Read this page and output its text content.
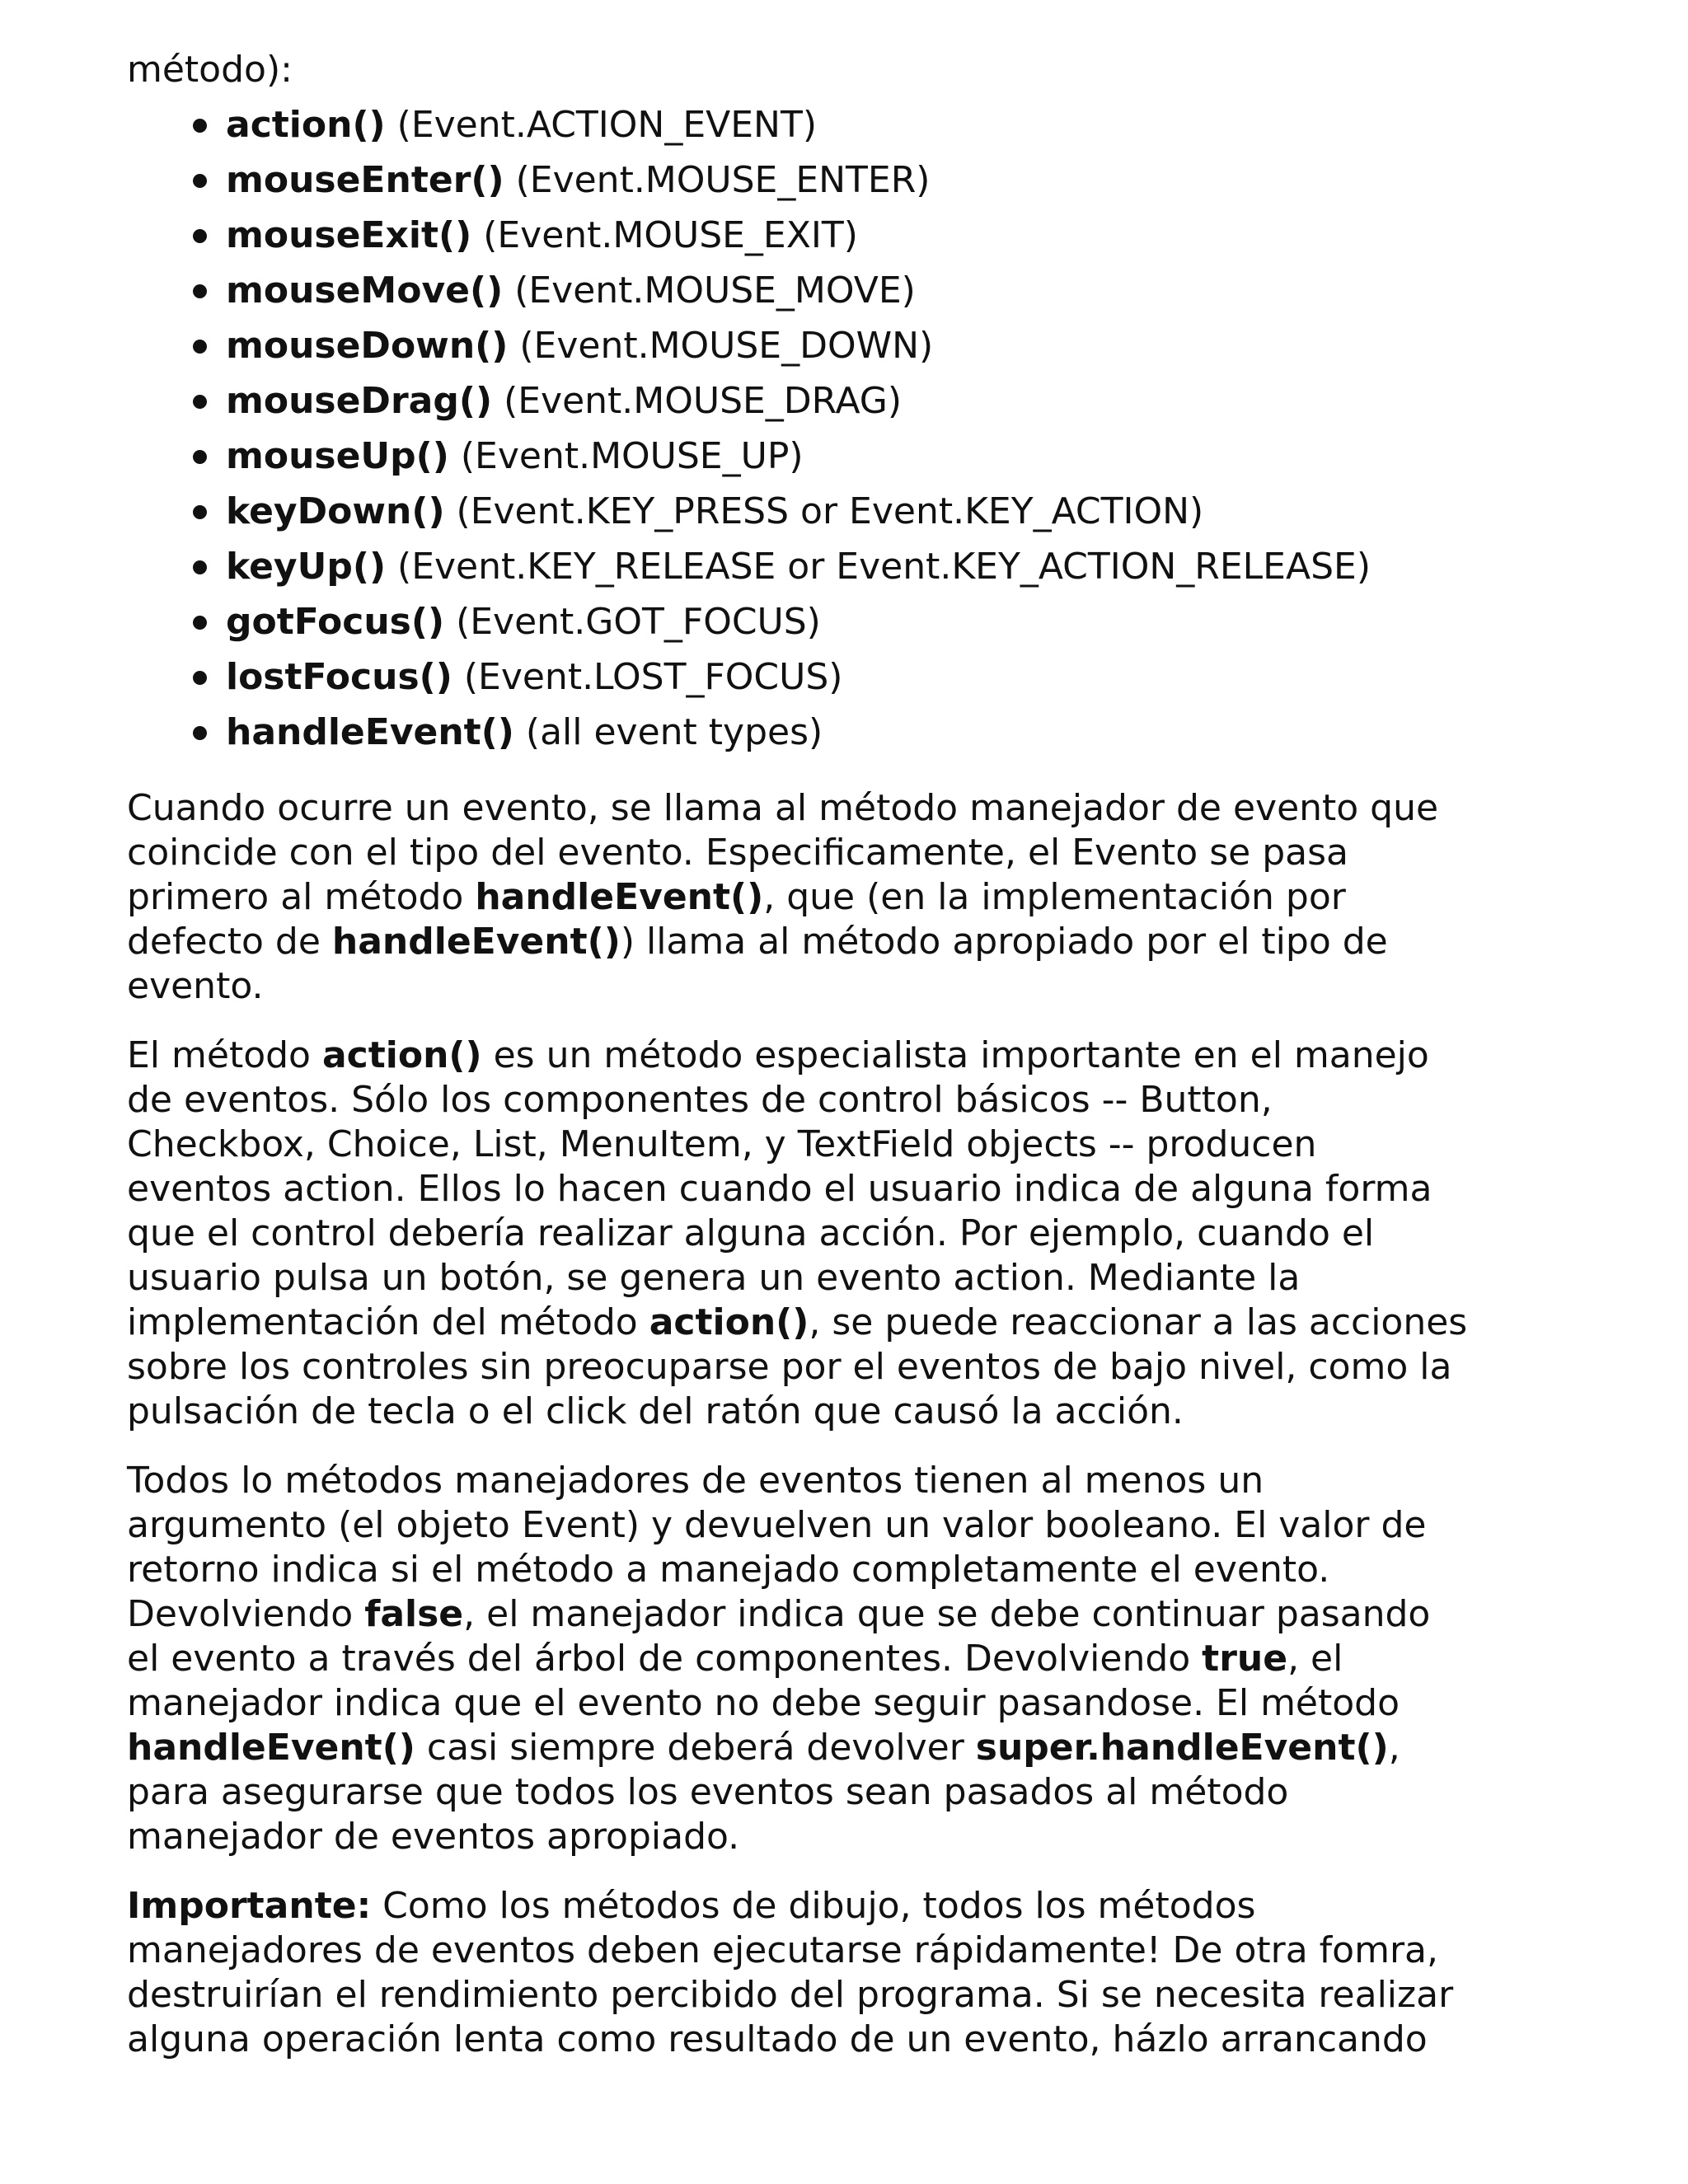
método):
action() (Event.ACTION_EVENT)
mouseEnter() (Event.MOUSE_ENTER)
mouseExit() (Event.MOUSE_EXIT)
mouseMove() (Event.MOUSE_MOVE)
mouseDown() (Event.MOUSE_DOWN)
mouseDrag() (Event.MOUSE_DRAG)
mouseUp() (Event.MOUSE_UP)
keyDown() (Event.KEY_PRESS or Event.KEY_ACTION)
keyUp() (Event.KEY_RELEASE or Event.KEY_ACTION_RELEASE)
gotFocus() (Event.GOT_FOCUS)
lostFocus() (Event.LOST_FOCUS)
handleEvent() (all event types)

Cuando ocurre un evento, se llama al método manejador de evento que
coincide con el tipo del evento. Especificamente, el Evento se pasa
primero al método handleEvent(), que (en la implementación por
defecto de handleEvent()) llama al método apropiado por el tipo de
evento.

El método action() es un método especialista importante en el manejo
de eventos. Sólo los componentes de control básicos -- Button,
Checkbox, Choice, List, MenuItem, y TextField objects -- producen
eventos action. Ellos lo hacen cuando el usuario indica de alguna forma
que el control debería realizar alguna acción. Por ejemplo, cuando el
usuario pulsa un botón, se genera un evento action. Mediante la
implementación del método action(), se puede reaccionar a las acciones
sobre los controles sin preocuparse por el eventos de bajo nivel, como la
pulsación de tecla o el click del ratón que causó la acción.

Todos lo métodos manejadores de eventos tienen al menos un
argumento (el objeto Event) y devuelven un valor booleano. El valor de
retorno indica si el método a manejado completamente el evento.
Devolviendo false, el manejador indica que se debe continuar pasando
el evento a través del árbol de componentes. Devolviendo true, el
manejador indica que el evento no debe seguir pasandose. El método
handleEvent() casi siempre deberá devolver super.handleEvent(),
para asegurarse que todos los eventos sean pasados al método
manejador de eventos apropiado.

Importante: Como los métodos de dibujo, todos los métodos
manejadores de eventos deben ejecutarse rápidamente! De otra fomra,
destruirían el rendimiento percibido del programa. Si se necesita realizar
alguna operación lenta como resultado de un evento, házlo arrancando
